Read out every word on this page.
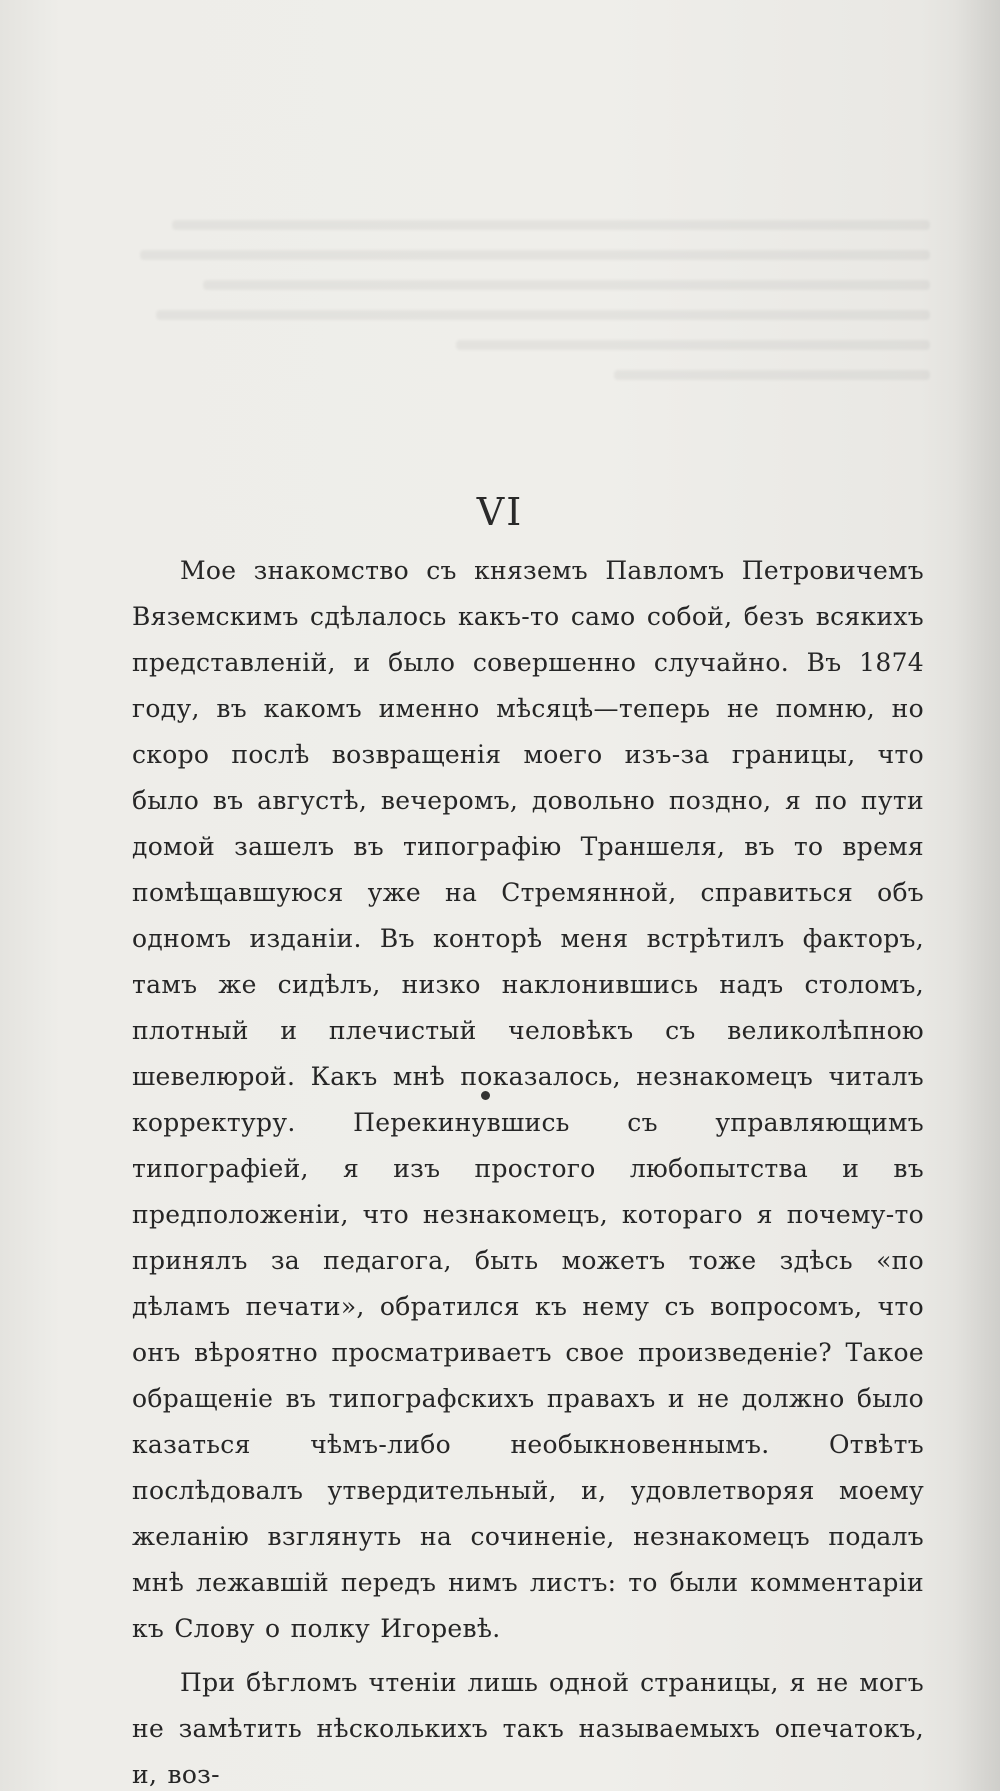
VI

Мое знакомство съ княземъ Павломъ Петровичемъ Вяземскимъ сдѣлалось какъ-то само собой, безъ всякихъ представленій, и было совершенно случайно. Въ 1874 году, въ какомъ именно мѣсяцѣ—теперь не помню, но скоро послѣ возвращенія моего изъ-за границы, что было въ августѣ, вечеромъ, довольно поздно, я по пути домой зашелъ въ типографію Траншеля, въ то время помѣщавшуюся уже на Стремянной, справиться объ одномъ изданіи. Въ конторѣ меня встрѣтилъ факторъ, тамъ же сидѣлъ, низко наклонившись надъ столомъ, плотный и плечистый человѣкъ съ великолѣпною шевелюрой. Какъ мнѣ показалось, незнакомецъ читалъ корректуру. Перекинувшись съ управляющимъ типографіей, я изъ простого любопытства и въ предположеніи, что незнакомецъ, котораго я почему-то принялъ за педагога, быть можетъ тоже здѣсь «по дѣламъ печати», обратился къ нему съ вопросомъ, что онъ вѣроятно просматриваетъ свое произведеніе? Такое обращеніе въ типографскихъ правахъ и не должно было казаться чѣмъ-либо необыкновеннымъ. Отвѣтъ послѣдовалъ утвердительный, и, удовлетворяя моему желанію взглянуть на сочиненіе, незнакомецъ подалъ мнѣ лежавшій передъ нимъ листъ: то были комментаріи къ Слову о полку Игоревѣ.

При бѣгломъ чтеніи лишь одной страницы, я не могъ не замѣтить нѣсколькихъ такъ называемыхъ опечатокъ, и, воз-
